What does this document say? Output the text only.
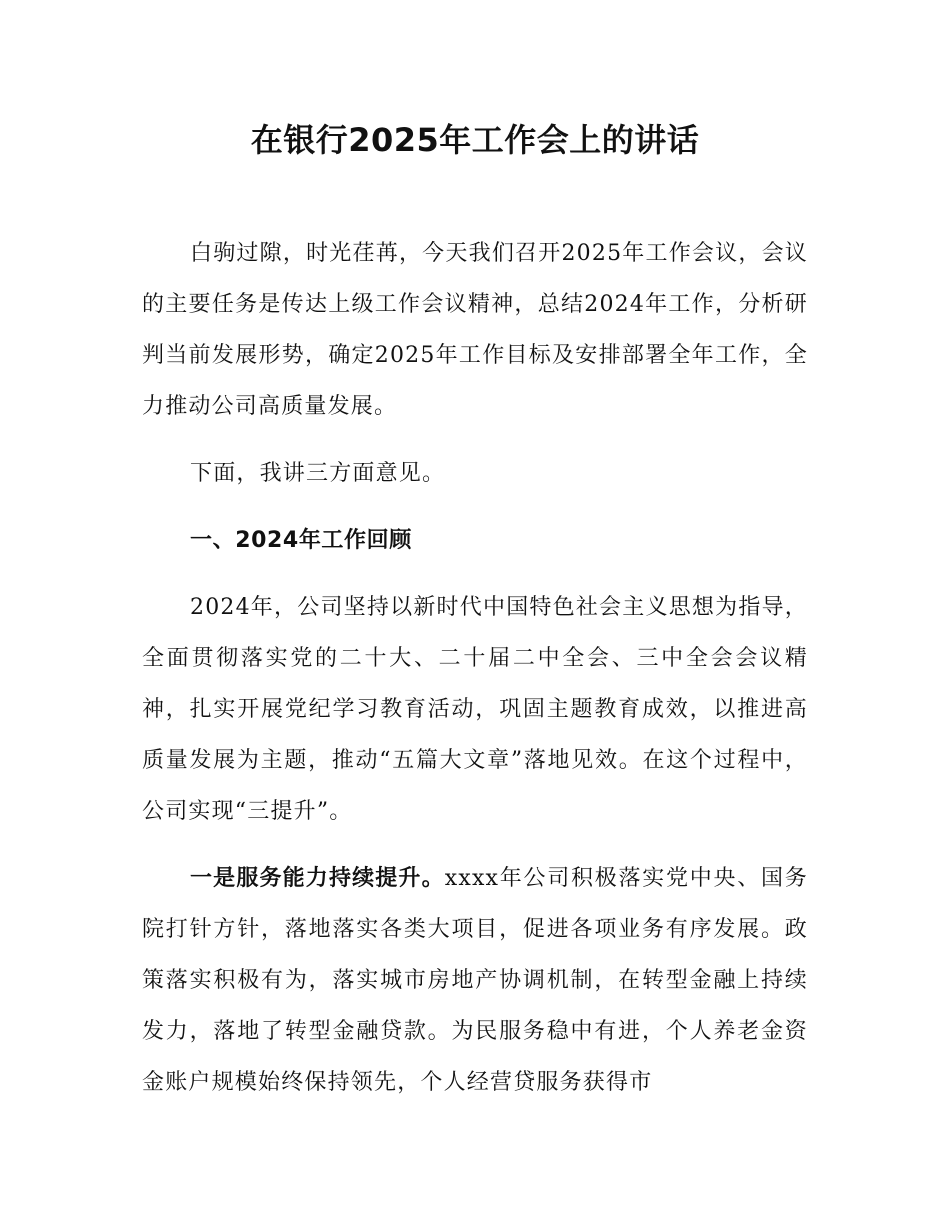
在银行2025年工作会上的讲话

白驹过隙，时光荏苒，今天我们召开2025年工作会议，会议的主要任务是传达上级工作会议精神，总结2024年工作，分析研判当前发展形势，确定2025年工作目标及安排部署全年工作，全力推动公司高质量发展。

下面，我讲三方面意见。

一、2024年工作回顾

2024年，公司坚持以新时代中国特色社会主义思想为指导，全面贯彻落实党的二十大、二十届二中全会、三中全会会议精神，扎实开展党纪学习教育活动，巩固主题教育成效，以推进高质量发展为主题，推动“五篇大文章”落地见效。在这个过程中，公司实现“三提升”。

一是服务能力持续提升。xxxx年公司积极落实党中央、国务院打针方针，落地落实各类大项目，促进各项业务有序发展。政策落实积极有为，落实城市房地产协调机制，在转型金融上持续发力，落地了转型金融贷款。为民服务稳中有进，个人养老金资金账户规模始终保持领先，个人经营贷服务获得市
